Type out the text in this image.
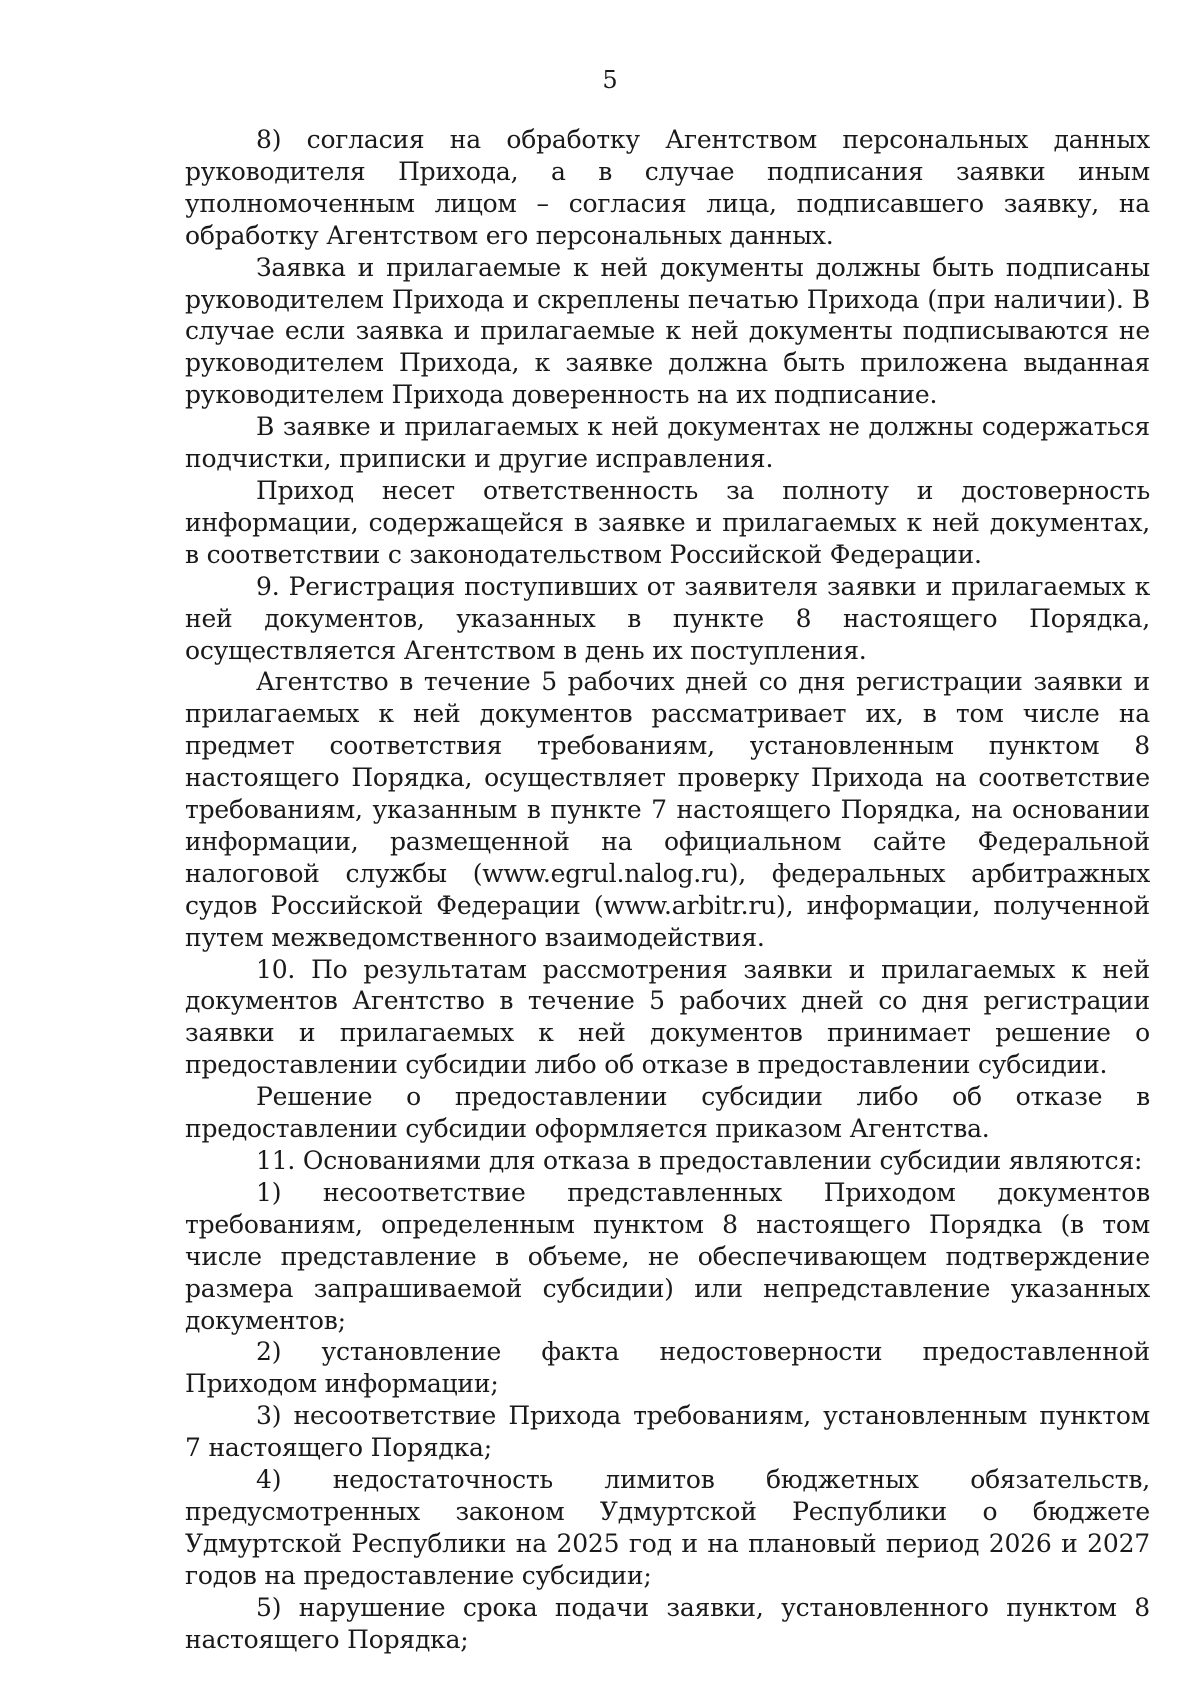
5

8) согласия на обработку Агентством персональных данных руководителя Прихода, а в случае подписания заявки иным уполномоченным лицом – согласия лица, подписавшего заявку, на обработку Агентством его персональных данных.

Заявка и прилагаемые к ней документы должны быть подписаны руководителем Прихода и скреплены печатью Прихода (при наличии). В случае если заявка и прилагаемые к ней документы подписываются не руководителем Прихода, к заявке должна быть приложена выданная руководителем Прихода доверенность на их подписание.

В заявке и прилагаемых к ней документах не должны содержаться подчистки, приписки и другие исправления.

Приход несет ответственность за полноту и достоверность информации, содержащейся в заявке и прилагаемых к ней документах, в соответствии с законодательством Российской Федерации.

9. Регистрация поступивших от заявителя заявки и прилагаемых к ней документов, указанных в пункте 8 настоящего Порядка, осуществляется Агентством в день их поступления.

Агентство в течение 5 рабочих дней со дня регистрации заявки и прилагаемых к ней документов рассматривает их, в том числе на предмет соответствия требованиям, установленным пунктом 8 настоящего Порядка, осуществляет проверку Прихода на соответствие требованиям, указанным в пункте 7 настоящего Порядка, на основании информации, размещенной на официальном сайте Федеральной налоговой службы (www.egrul.nalog.ru), федеральных арбитражных судов Российской Федерации (www.arbitr.ru), информации, полученной путем межведомственного взаимодействия.

10. По результатам рассмотрения заявки и прилагаемых к ней документов Агентство в течение 5 рабочих дней со дня регистрации заявки и прилагаемых к ней документов принимает решение о предоставлении субсидии либо об отказе в предоставлении субсидии.

Решение о предоставлении субсидии либо об отказе в предоставлении субсидии оформляется приказом Агентства.

11. Основаниями для отказа в предоставлении субсидии являются:

1) несоответствие представленных Приходом документов требованиям, определенным пунктом 8 настоящего Порядка (в том числе представление в объеме, не обеспечивающем подтверждение размера запрашиваемой субсидии) или непредставление указанных документов;

2) установление факта недостоверности предоставленной Приходом информации;

3) несоответствие Прихода требованиям, установленным пунктом 7 настоящего Порядка;

4) недостаточность лимитов бюджетных обязательств, предусмотренных законом Удмуртской Республики о бюджете Удмуртской Республики на 2025 год и на плановый период 2026 и 2027 годов на предоставление субсидии;

5) нарушение срока подачи заявки, установленного пунктом 8 настоящего Порядка;
